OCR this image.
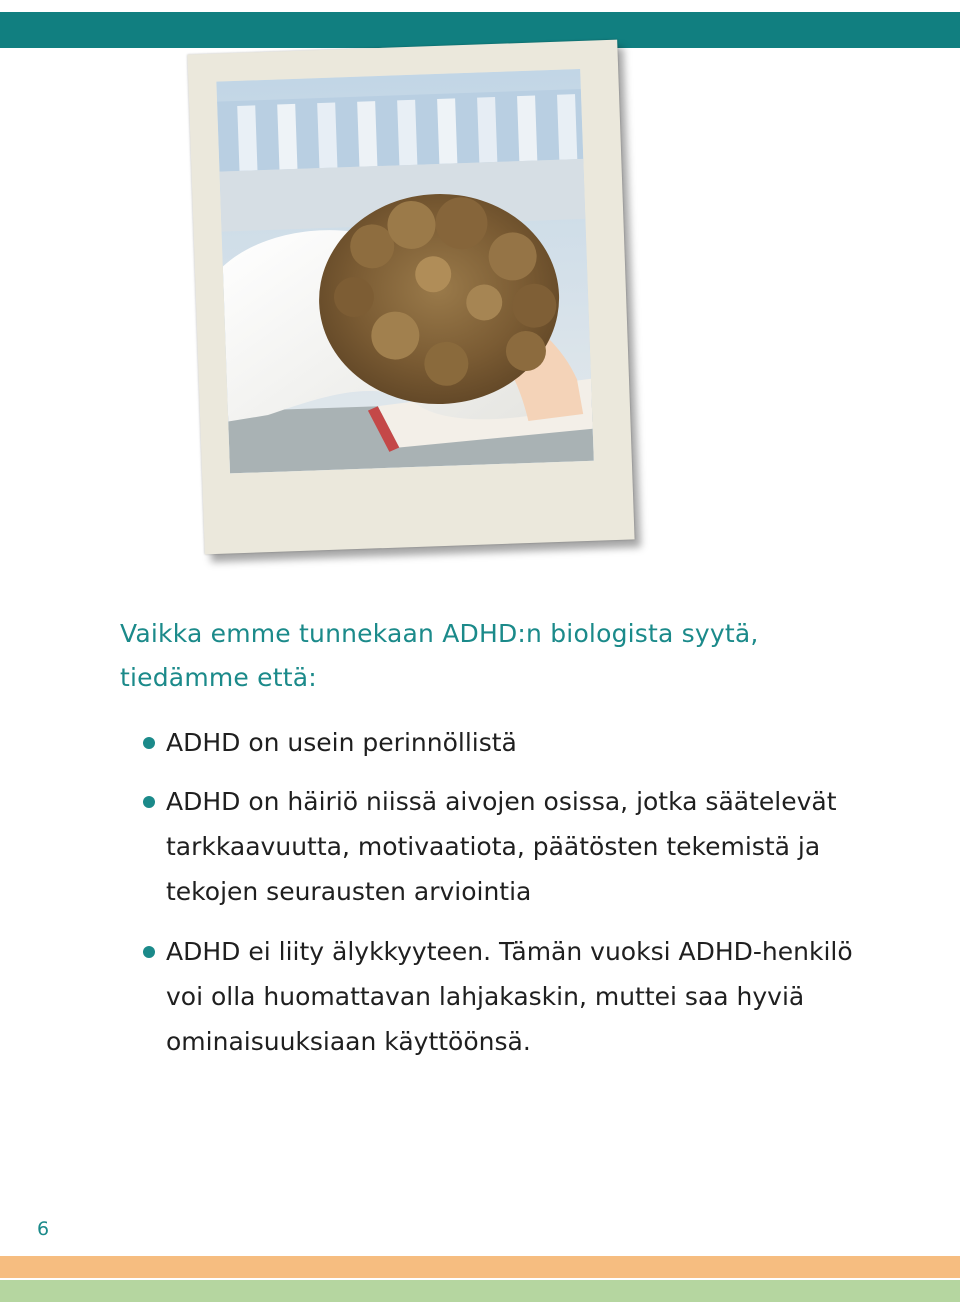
Vaikka emme tunnekaan ADHD:n biologista syytä,
tiedämme että:
ADHD on usein perinnöllistä
ADHD on häiriö niissä aivojen osissa, jotka säätelevät tarkkaavuutta, motivaatiota, päätösten tekemistä ja tekojen seurausten arviointia
ADHD ei liity älykkyyteen. Tämän vuoksi ADHD-henkilö voi olla huomattavan lahjakaskin, muttei saa hyviä ominaisuuksiaan käyttöönsä.
6
